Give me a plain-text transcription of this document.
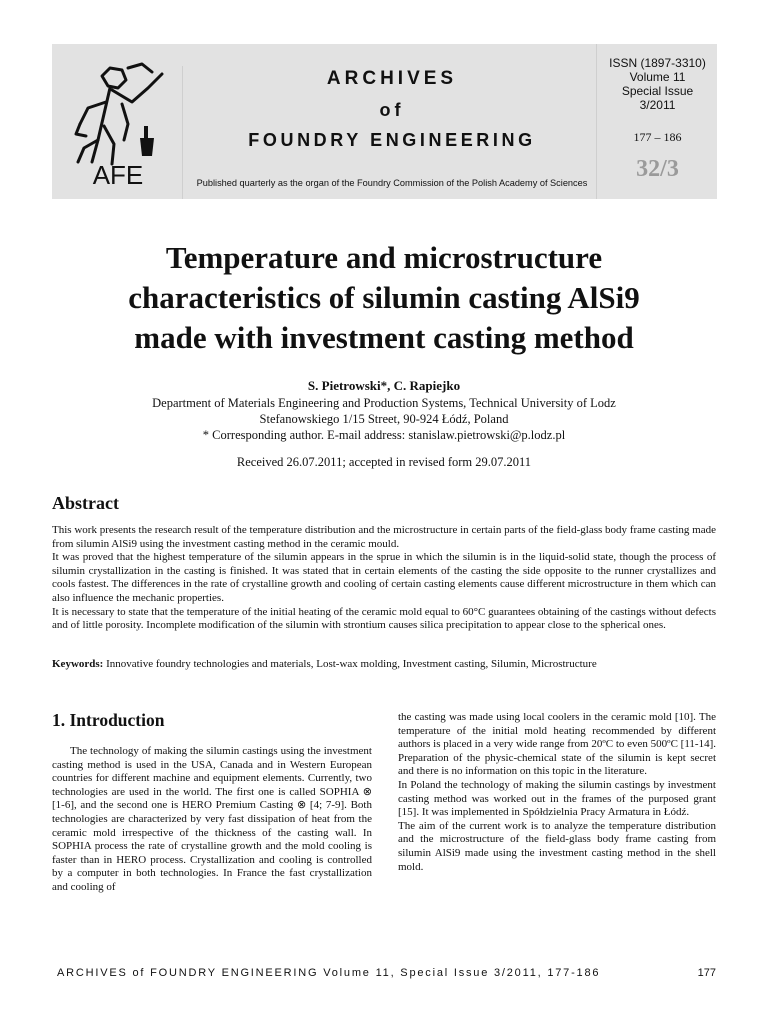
AFE
ARCHIVES
of
FOUNDRY ENGINEERING
Published quarterly as the organ of the Foundry Commission of the Polish Academy of Sciences
ISSN (1897-3310)
Volume 11
Special Issue
3/2011
177 – 186
32/3
Temperature and microstructure
characteristics of silumin casting AlSi9
made with investment casting method
S. Pietrowski*, C. Rapiejko
Department of Materials Engineering and Production Systems, Technical University of Lodz
Stefanowskiego 1/15 Street, 90-924 Łódź, Poland
* Corresponding author. E-mail address: stanislaw.pietrowski@p.lodz.pl
Received 26.07.2011; accepted in revised form 29.07.2011
Abstract

This work presents the research result of the temperature distribution and the microstructure in certain parts of the field-glass body frame casting made from silumin AlSi9 using the investment casting method in the ceramic mould.

It was proved that the highest temperature of the silumin appears in the sprue in which the silumin is in the liquid-solid state, though the process of silumin crystallization in the casting is finished. It was stated that in certain elements of the casting the side opposite to the runner crystallizes and cools fastest. The differences in the rate of crystalline growth and cooling of certain casting elements cause different microstructure in them which can also influence the mechanic properties.

It is necessary to state that the temperature of the initial heating of the ceramic mold equal to 60°C guarantees obtaining of the castings without defects and of little porosity. Incomplete modification of the silumin with strontium causes silica precipitation to appear close to the spherical ones.

Keywords: Innovative foundry technologies and materials, Lost-wax molding, Investment casting, Silumin, Microstructure
1. Introduction

The technology of making the silumin castings using the investment casting method is used in the USA, Canada and in Western European countries for different machine and equipment elements. Currently, two technologies are used in the world. The first one is called SOPHIA ⊗ [1-6], and the second one is HERO Premium Casting ⊗ [4; 7-9]. Both technologies are characterized by very fast dissipation of heat from the ceramic mold irrespective of the thickness of the casting wall. In SOPHIA process the rate of crystalline growth and the mold cooling is faster than in HERO process. Crystallization and cooling is controlled by a computer in both technologies. In France the fast crystallization and cooling of

the casting was made using local coolers in the ceramic mold [10]. The temperature of the initial mold heating recommended by different authors is placed in a very wide range from 20ºC to even 500ºC [11-14]. Preparation of the physic-chemical state of the silumin is kept secret and there is no information on this topic in the literature.

In Poland the technology of making the silumin castings by investment casting method was worked out in the frames of the purposed grant [15]. It was implemented in Spółdzielnia Pracy Armatura in Łódź.

The aim of the current work is to analyze the temperature distribution and the microstructure of the field-glass body frame casting from silumin AlSi9 made using the investment casting method in the shell mold.

ARCHIVES of FOUNDRY ENGINEERING Volume 11, Special Issue 3/2011, 177-186	177
